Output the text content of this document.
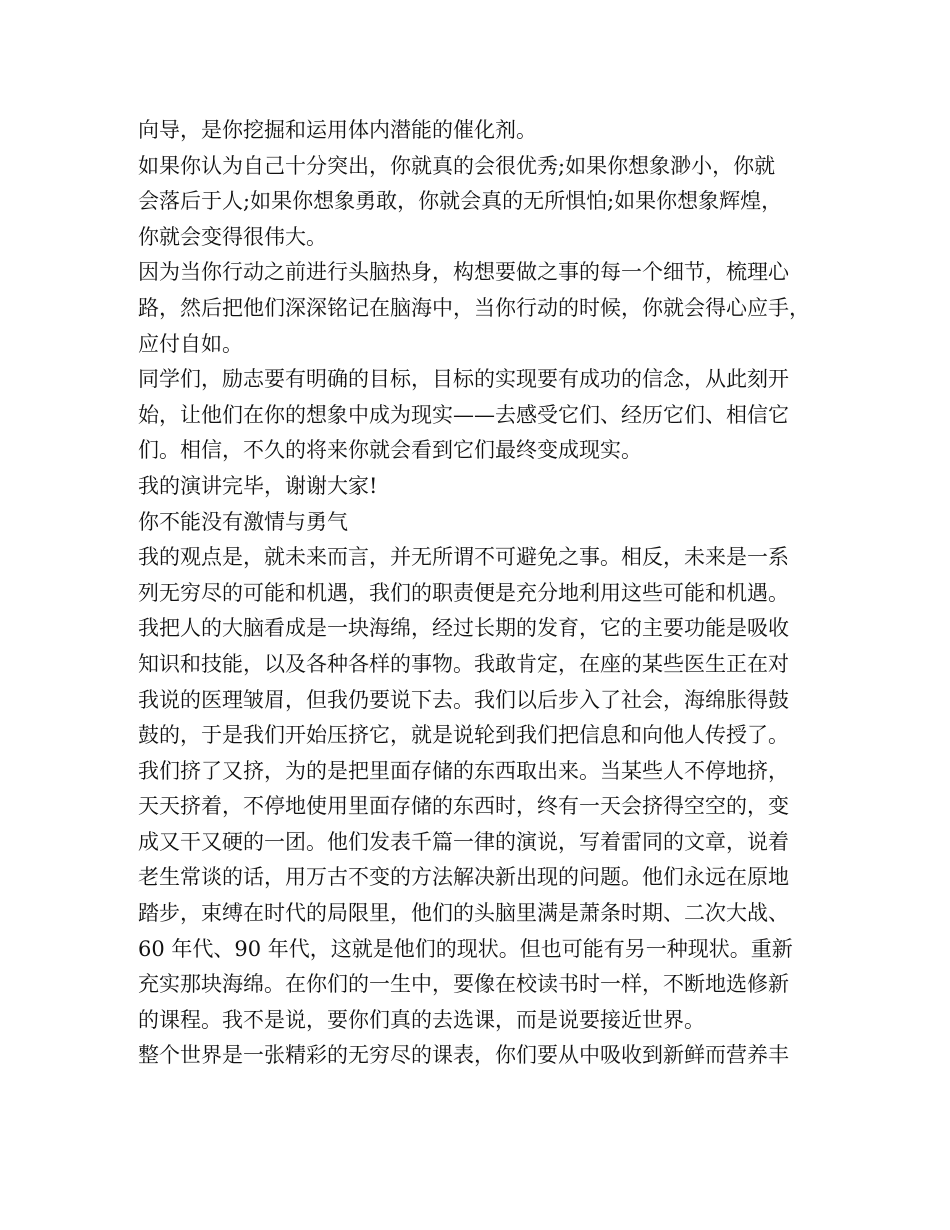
向导，是你挖掘和运用体内潜能的催化剂。
如果你认为自己十分突出，你就真的会很优秀;如果你想象渺小，你就
会落后于人;如果你想象勇敢，你就会真的无所惧怕;如果你想象辉煌，
你就会变得很伟大。
因为当你行动之前进行头脑热身，构想要做之事的每一个细节，梳理心
路，然后把他们深深铭记在脑海中，当你行动的时候，你就会得心应手，
应付自如。
同学们，励志要有明确的目标，目标的实现要有成功的信念，从此刻开
始，让他们在你的想象中成为现实——去感受它们、经历它们、相信它
们。相信，不久的将来你就会看到它们最终变成现实。
我的演讲完毕，谢谢大家!
你不能没有激情与勇气
我的观点是，就未来而言，并无所谓不可避免之事。相反，未来是一系
列无穷尽的可能和机遇，我们的职责便是充分地利用这些可能和机遇。
我把人的大脑看成是一块海绵，经过长期的发育，它的主要功能是吸收
知识和技能，以及各种各样的事物。我敢肯定，在座的某些医生正在对
我说的医理皱眉，但我仍要说下去。我们以后步入了社会，海绵胀得鼓
鼓的，于是我们开始压挤它，就是说轮到我们把信息和向他人传授了。
我们挤了又挤，为的是把里面存储的东西取出来。当某些人不停地挤，
天天挤着，不停地使用里面存储的东西时，终有一天会挤得空空的，变
成又干又硬的一团。他们发表千篇一律的演说，写着雷同的文章，说着
老生常谈的话，用万古不变的方法解决新出现的问题。他们永远在原地
踏步，束缚在时代的局限里，他们的头脑里满是萧条时期、二次大战、
60 年代、90 年代，这就是他们的现状。但也可能有另一种现状。重新
充实那块海绵。在你们的一生中，要像在校读书时一样，不断地选修新
的课程。我不是说，要你们真的去选课，而是说要接近世界。
整个世界是一张精彩的无穷尽的课表，你们要从中吸收到新鲜而营养丰
